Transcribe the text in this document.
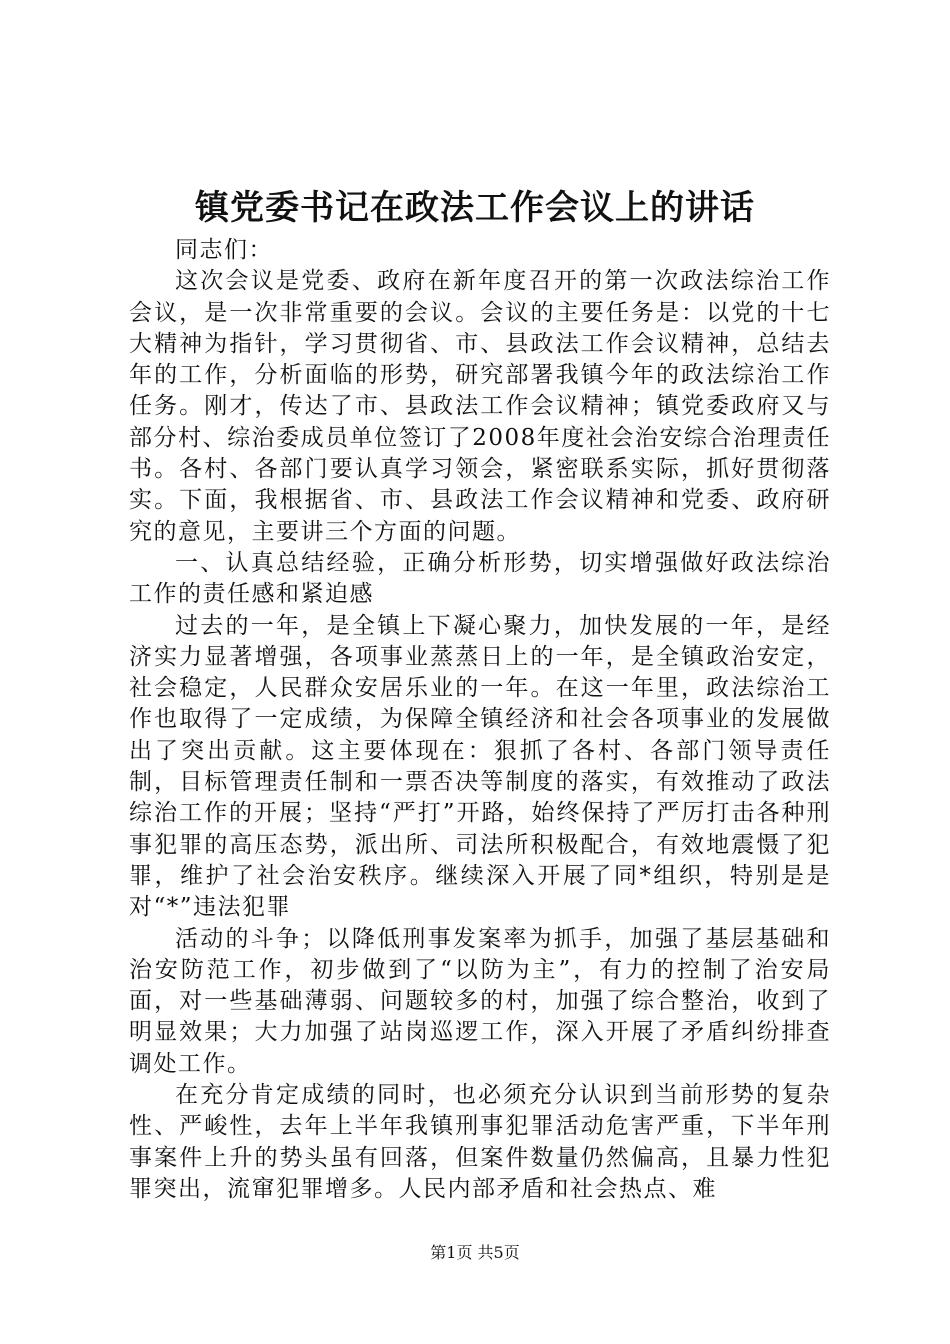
镇党委书记在政法工作会议上的讲话

同志们：

这次会议是党委、政府在新年度召开的第一次政法综治工作会议，是一次非常重要的会议。会议的主要任务是：以党的十七大精神为指针，学习贯彻省、市、县政法工作会议精神，总结去年的工作，分析面临的形势，研究部署我镇今年的政法综治工作任务。刚才，传达了市、县政法工作会议精神；镇党委政府又与部分村、综治委成员单位签订了2008年度社会治安综合治理责任书。各村、各部门要认真学习领会，紧密联系实际，抓好贯彻落实。下面，我根据省、市、县政法工作会议精神和党委、政府研究的意见，主要讲三个方面的问题。

一、认真总结经验，正确分析形势，切实增强做好政法综治工作的责任感和紧迫感

过去的一年，是全镇上下凝心聚力，加快发展的一年，是经济实力显著增强，各项事业蒸蒸日上的一年，是全镇政治安定，社会稳定，人民群众安居乐业的一年。在这一年里，政法综治工作也取得了一定成绩，为保障全镇经济和社会各项事业的发展做出了突出贡献。这主要体现在：狠抓了各村、各部门领导责任制，目标管理责任制和一票否决等制度的落实，有效推动了政法综治工作的开展；坚持“严打”开路，始终保持了严厉打击各种刑事犯罪的高压态势，派出所、司法所积极配合，有效地震慑了犯罪，维护了社会治安秩序。继续深入开展了同*组织，特别是是对“*”违法犯罪

活动的斗争；以降低刑事发案率为抓手，加强了基层基础和治安防范工作，初步做到了“以防为主”，有力的控制了治安局面，对一些基础薄弱、问题较多的村，加强了综合整治，收到了明显效果；大力加强了站岗巡逻工作，深入开展了矛盾纠纷排查调处工作。

在充分肯定成绩的同时，也必须充分认识到当前形势的复杂性、严峻性，去年上半年我镇刑事犯罪活动危害严重，下半年刑事案件上升的势头虽有回落，但案件数量仍然偏高，且暴力性犯罪突出，流窜犯罪增多。人民内部矛盾和社会热点、难

第1页 共5页
